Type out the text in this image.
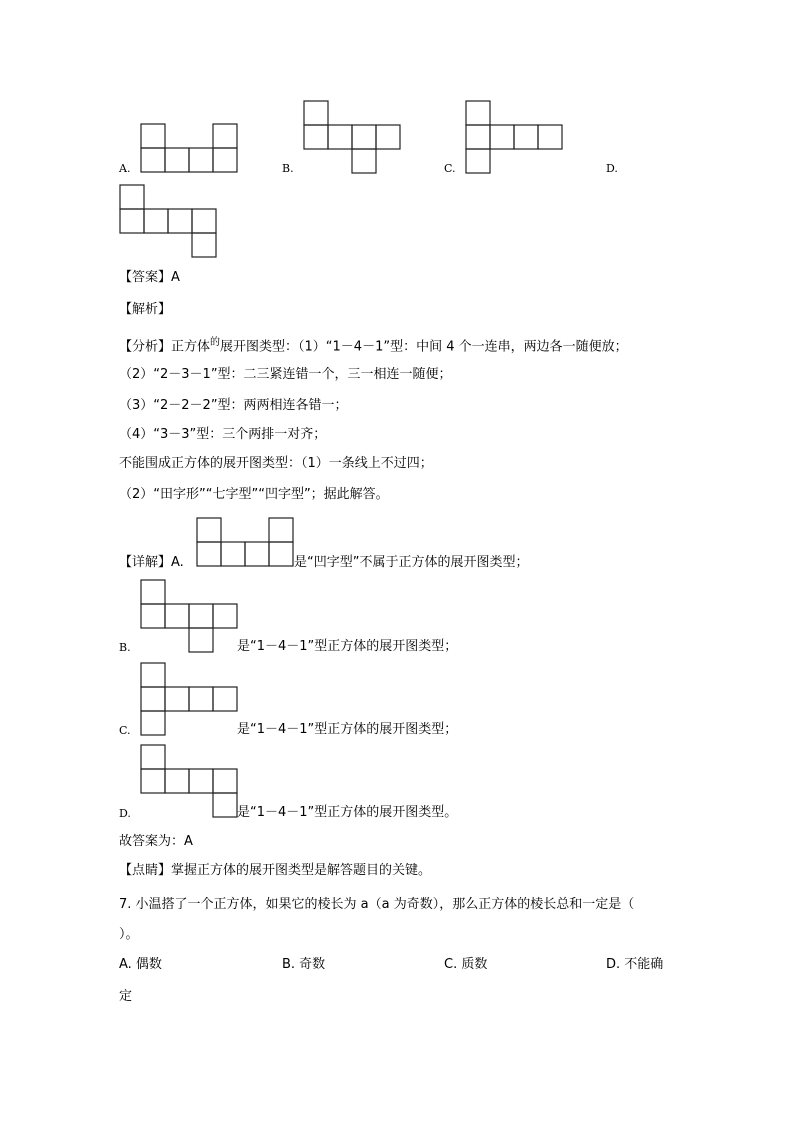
A.	B.	C.	D.
【答案】A
【解析】
【分析】正方体$^的$展开图类型：（1）“1－4－1”型：中间 4 个一连串，两边各一随便放；
（2）“2－3－1”型：二三紧连错一个，三一相连一随便；
（3）“2－2－2”型：两两相连各错一；
（4）“3－3”型：三个两排一对齐；
不能围成正方体的展开图类型：（1）一条线上不过四；
（2）“田字形”“七字型”“凹字型”；据此解答。
【详解】A.	是“凹字型”不属于正方体的展开图类型；
B.	是“1－4－1”型正方体的展开图类型；
C.	是“1－4－1”型正方体的展开图类型；
D.	是“1－4－1”型正方体的展开图类型。
故答案为：A
【点睛】掌握正方体的展开图类型是解答题目的关键。
7. 小温搭了一个正方体，如果它的棱长为 a（a 为奇数），那么正方体的棱长总和一定是（
）。
A. 偶数	B. 奇数	C. 质数	D. 不能确
定
